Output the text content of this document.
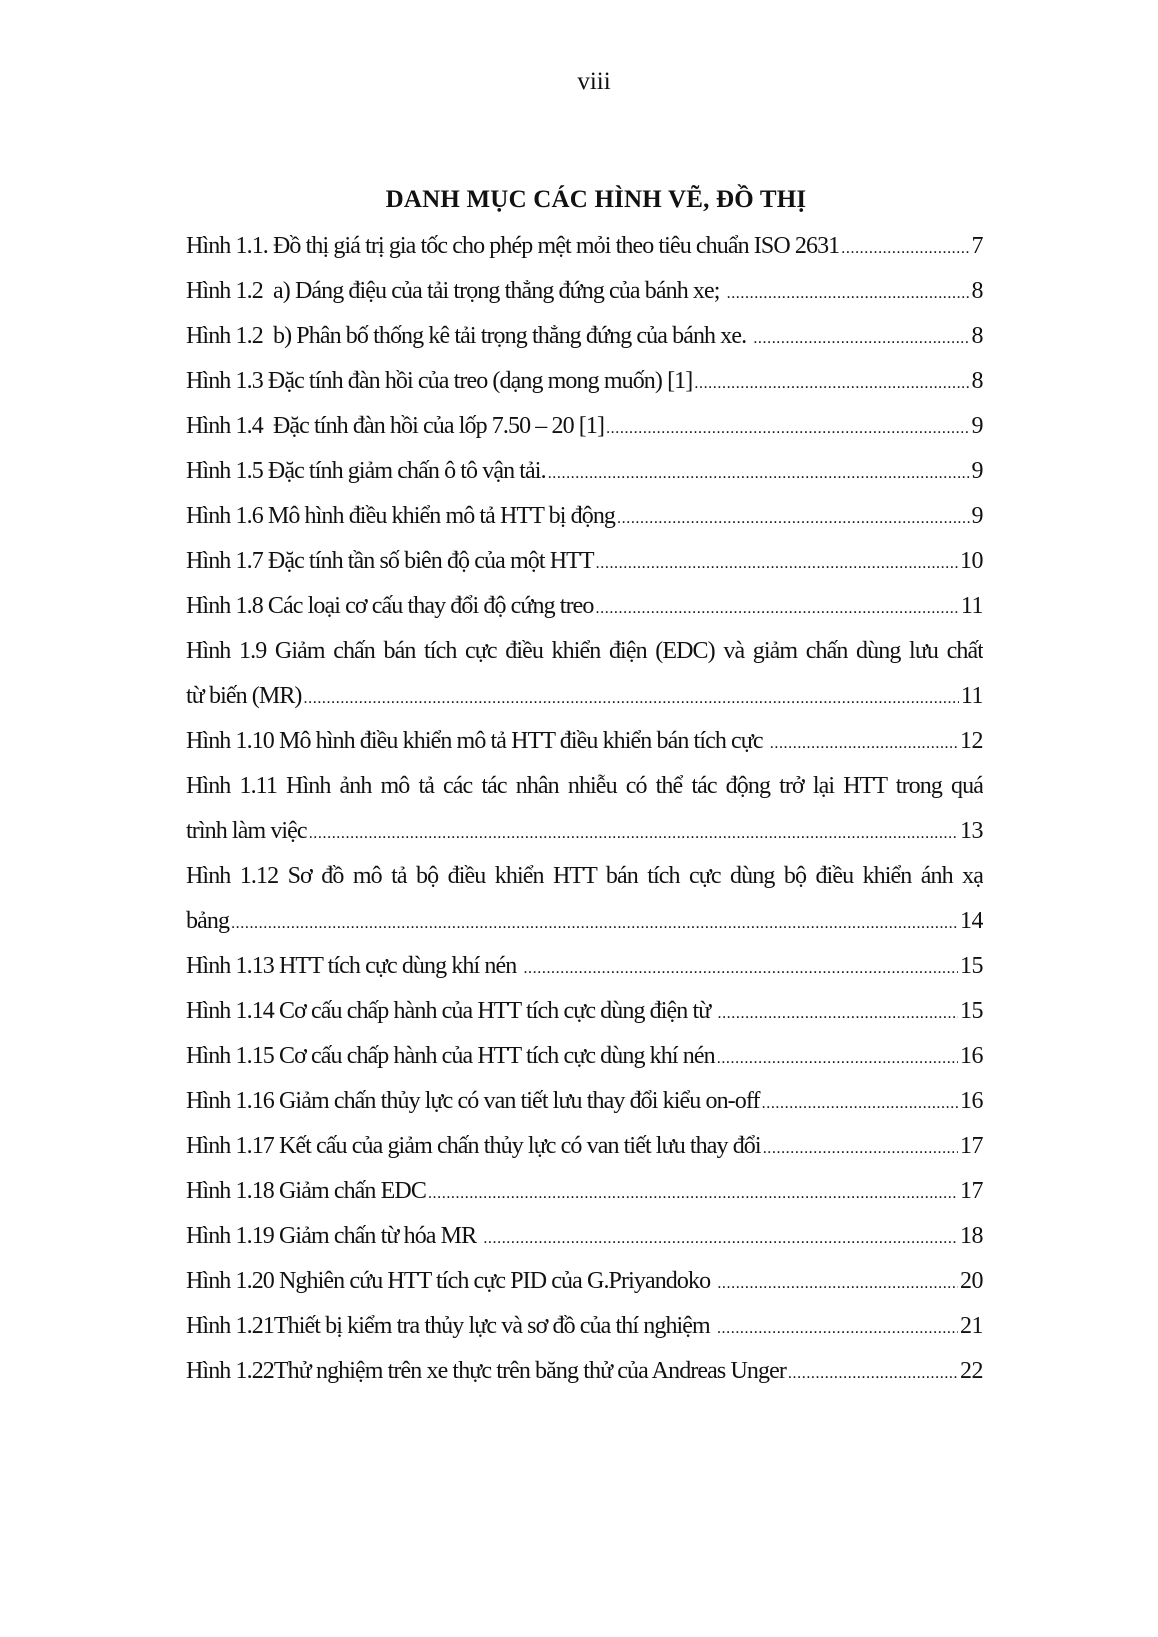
viii
DANH MỤC CÁC HÌNH VẼ, ĐỒ THỊ
Hình 1.1. Đồ thị giá trị gia tốc cho phép mệt mỏi theo tiêu chuẩn ISO 2631 .....	7
Hình 1.2  a) Dáng điệu của tải trọng thẳng đứng của bánh xe; .....	8
Hình 1.2  b) Phân bố thống kê tải trọng thẳng đứng của bánh xe. .....	8
Hình 1.3 Đặc tính đàn hồi của treo (dạng mong muốn) [1] .....	8
Hình 1.4  Đặc tính đàn hồi của lốp 7.50 – 20 [1] .....	9
Hình 1.5 Đặc tính giảm chấn ô tô vận tải. .....	9
Hình 1.6 Mô hình điều khiển mô tả HTT bị động .....	9
Hình 1.7 Đặc tính tần số biên độ của một HTT .....	10
Hình 1.8 Các loại cơ cấu thay đổi độ cứng treo .....	11
Hình 1.9 Giảm chấn bán tích cực điều khiển điện (EDC) và giảm chấn dùng lưu chất
từ biến (MR) .....	11
Hình 1.10 Mô hình điều khiển mô tả HTT điều khiển bán tích cực .....	12
Hình 1.11 Hình ảnh mô tả các tác nhân nhiễu có thể tác động trở lại HTT trong quá
trình làm việc .....	13
Hình 1.12 Sơ đồ mô tả bộ điều khiển HTT bán tích cực dùng bộ điều khiển ánh xạ
bảng .....	14
Hình 1.13 HTT tích cực dùng khí nén .....	15
Hình 1.14 Cơ cấu chấp hành của HTT tích cực dùng điện từ .....	15
Hình 1.15 Cơ cấu chấp hành của HTT tích cực dùng khí nén .....	16
Hình 1.16 Giảm chấn thủy lực có van tiết lưu thay đổi kiểu on-off .....	16
Hình 1.17 Kết cấu của giảm chấn thủy lực có van tiết lưu thay đổi .....	17
Hình 1.18 Giảm chấn EDC .....	17
Hình 1.19 Giảm chấn từ hóa MR .....	18
Hình 1.20 Nghiên cứu HTT tích cực PID của G.Priyandoko .....	20
Hình 1.21Thiết bị kiểm tra thủy lực và sơ đồ của thí nghiệm .....	21
Hình 1.22Thử nghiệm trên xe thực trên băng thử của Andreas Unger .....	22
